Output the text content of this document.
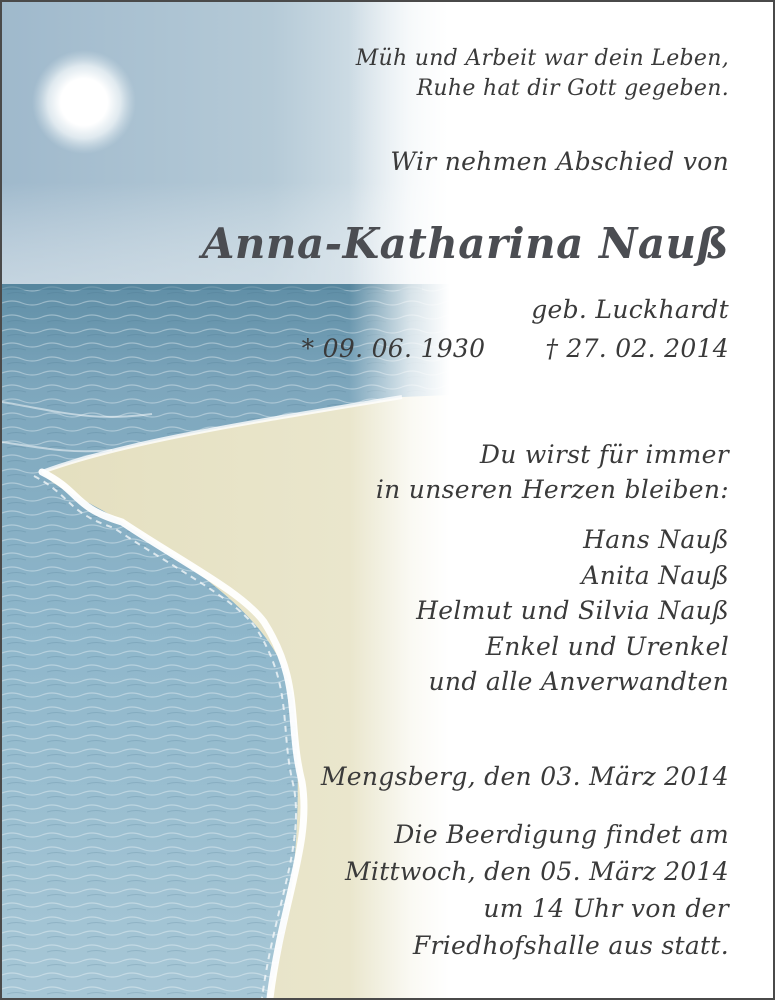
Müh und Arbeit war dein Leben,
Ruhe hat dir Gott gegeben.
Wir nehmen Abschied von
Anna-Katharina Nauß
geb. Luckhardt
* 09. 06. 1930 † 27. 02. 2014
Du wirst für immer
in unseren Herzen bleiben:
Hans Nauß
Anita Nauß
Helmut und Silvia Nauß
Enkel und Urenkel
und alle Anverwandten
Mengsberg, den 03. März 2014
Die Beerdigung findet am
Mittwoch, den 05. März 2014
um 14 Uhr von der
Friedhofshalle aus statt.
